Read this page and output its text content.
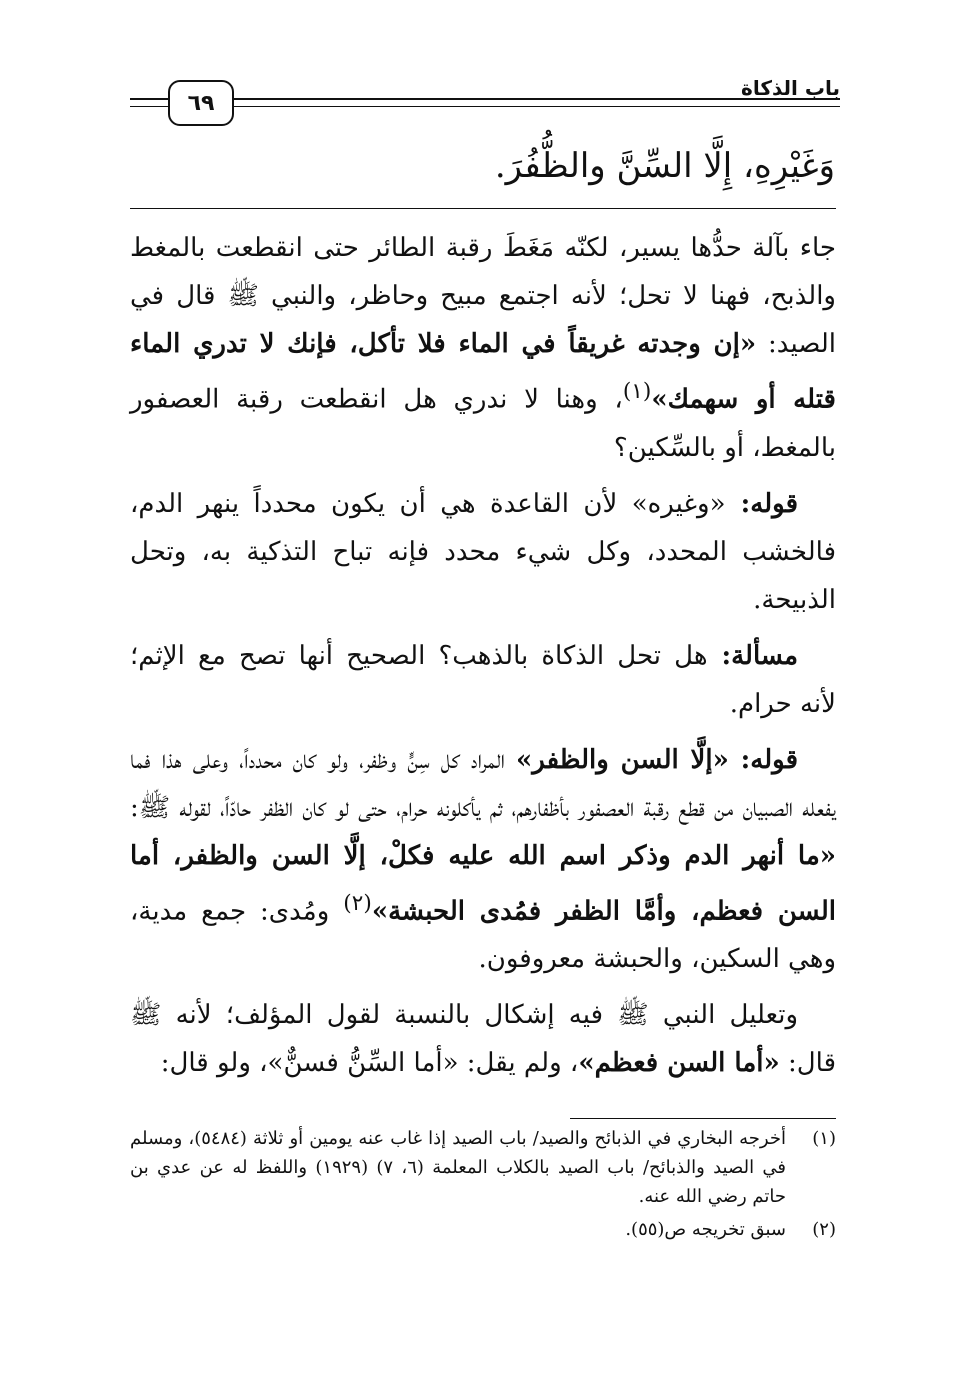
باب الذكاة
٦٩
وَغَيْرِهِ، إِلَّا السِّنَّ والظُّفُرَ.

جاء بآلة حدُّها يسير، لكنّه مَغَطَ رقبة الطائر حتى انقطعت بالمغط والذبح، فهنا لا تحل؛ لأنه اجتمع مبيح وحاظر، والنبي ﷺ قال في الصيد: «إن وجدته غريقاً في الماء فلا تأكل، فإنك لا تدري الماء قتله أو سهمك»$^{(١)}$، وهنا لا ندري هل انقطعت رقبة العصفور بالمغط، أو بالسِّكين؟

قوله: «وغيره» لأن القاعدة هي أن يكون محدداً ينهر الدم، فالخشب المحدد، وكل شيء محدد فإنه تباح التذكية به، وتحل الذبيحة.

مسألة: هل تحل الذكاة بالذهب؟ الصحيح أنها تصح مع الإثم؛ لأنه حرام.

قوله: «إلَّا السن والظفر» المراد كل سِنٍّ وظفر، ولو كان محدداً، وعلى هذا فما يفعله الصبيان من قطع رقبة العصفور بأظفارهم، ثم يأكلونه حرام، حتى لو كان الظفر حادّاً، لقوله ﷺ: «ما أنهر الدم وذكر اسم الله عليه فكلْ، إلَّا السن والظفر، أما السن فعظم، وأمَّا الظفر فمُدى الحبشة»$^{(٢)}$ ومُدى: جمع مدية، وهي السكين، والحبشة معروفون.

وتعليل النبي ﷺ فيه إشكال بالنسبة لقول المؤلف؛ لأنه ﷺ قال: «أما السن فعظم»، ولم يقل: «أما السِّنُّ فسنٌّ»، ولو قال:

(١)
أخرجه البخاري في الذبائح والصيد/ باب الصيد إذا غاب عنه يومين أو ثلاثة (٥٤٨٤)، ومسلم في الصيد والذبائح/ باب الصيد بالكلاب المعلمة (٦، ٧) (١٩٢٩) واللفظ له عن عدي بن حاتم رضي الله عنه.
(٢)
سبق تخريجه ص(٥٥).
